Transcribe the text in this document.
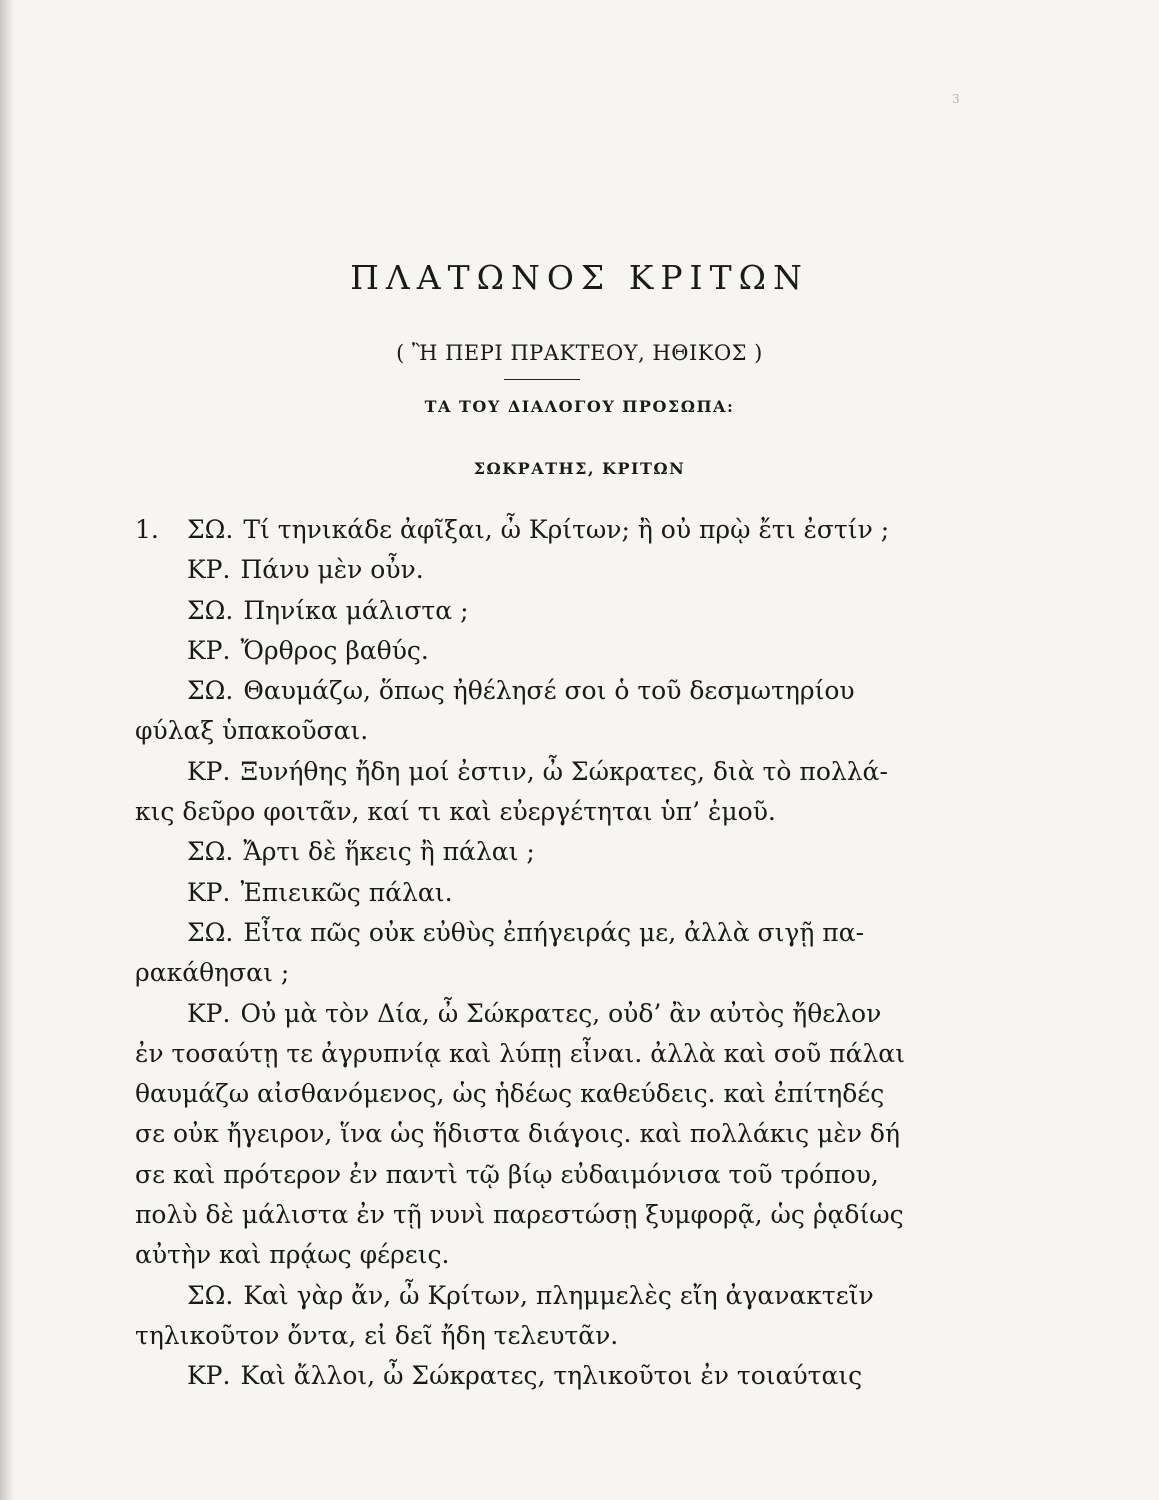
3
ΠΛΑΤΩΝΟΣ ΚΡΙΤΩΝ
( Ἢ ΠΕΡΙ ΠΡΑΚΤΕΟΥ, ΗΘΙΚΟΣ )
ΤΑ ΤΟΥ ΔΙΑΛΟΓΟΥ ΠΡΟΣΩΠΑ:
ΣΩΚΡΑΤΗΣ, ΚΡΙΤΩΝ
1. ΣΩ. Τί τηνικάδε ἀφῖξαι, ὦ Κρίτων; ἢ οὐ πρῲ ἔτι ἐστίν ;
ΚΡ. Πάνυ μὲν οὖν.
ΣΩ. Πηνίκα μάλιστα ;
ΚΡ. Ὄρθρος βαθύς.
ΣΩ. Θαυμάζω, ὅπως ἠθέλησέ σοι ὁ τοῦ δεσμωτηρίου
φύλαξ ὑπακοῦσαι.
ΚΡ. Ξυνήθης ἤδη μοί ἐστιν, ὦ Σώκρατες, διὰ τὸ πολλά-
κις δεῦρο φοιτᾶν, καί τι καὶ εὐεργέτηται ὑπ’ ἐμοῦ.
ΣΩ. Ἄρτι δὲ ἥκεις ἢ πάλαι ;
ΚΡ. Ἐπιεικῶς πάλαι.
ΣΩ. Εἶτα πῶς οὐκ εὐθὺς ἐπήγειράς με, ἀλλὰ σιγῇ πα-
ρακάθησαι ;
ΚΡ. Οὐ μὰ τὸν Δία, ὦ Σώκρατες, οὐδ’ ἂν αὐτὸς ἤθελον
ἐν τοσαύτῃ τε ἀγρυπνίᾳ καὶ λύπῃ εἶναι. ἀλλὰ καὶ σοῦ πάλαι
θαυμάζω αἰσθανόμενος, ὡς ἡδέως καθεύδεις. καὶ ἐπίτηδές
σε οὐκ ἤγειρον, ἵνα ὡς ἥδιστα διάγοις. καὶ πολλάκις μὲν δή
σε καὶ πρότερον ἐν παντὶ τῷ βίῳ εὐδαιμόνισα τοῦ τρόπου,
πολὺ δὲ μάλιστα ἐν τῇ νυνὶ παρεστώσῃ ξυμφορᾷ, ὡς ῥᾳδίως
αὐτὴν καὶ πρᾴως φέρεις.
ΣΩ. Καὶ γὰρ ἄν, ὦ Κρίτων, πλημμελὲς εἴη ἀγανακτεῖν
τηλικοῦτον ὄντα, εἰ δεῖ ἤδη τελευτᾶν.
ΚΡ. Καὶ ἄλλοι, ὦ Σώκρατες, τηλικοῦτοι ἐν τοιαύταις
